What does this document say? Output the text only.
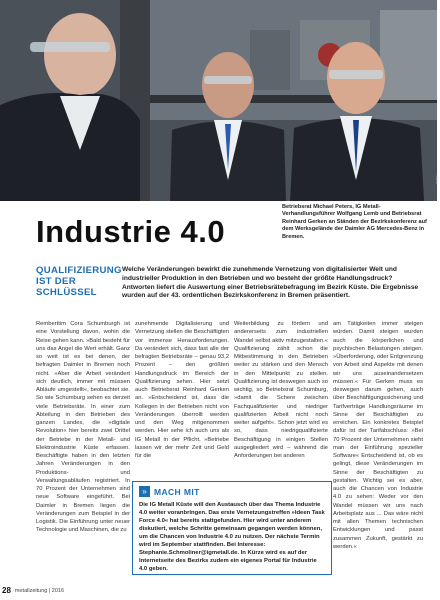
Foto: ...
Betriebsrat Michael Peters, IG Metall-Verhandlungsführer Wolfgang Lemb und Betriebsrat Reinhard Gerken an Ständen der Bezirkskonferenz auf dem Werksgelände der Daimler AG Mercedes-Benz in Bremen.
Industrie 4.0
QUALIFIZIERUNG IST DER SCHLÜSSEL
Welche Veränderungen bewirkt die zunehmende Vernetzung von digitalisierter Welt und industrieller Produktion in den Betrieben und wo besteht der größte Handlungsdruck? Antworten liefert die Auswertung einer Betriebsrätebefragung im Bezirk Küste. Die Ergebnisse wurden auf der 43. ordentlichen Bezirkskonferenz in Bremen präsentiert.
Remberttim Cora Schumburgh ist eine Vorstellung davon, wohin die Reise gehen kann. »Bald besteht für uns das Angel die Wert erhält. Ganz so weit ist es bei denen, der befragten Daimler in Bremen noch nicht. »Aber die Arbeit verändert sich deutlich, immer mit müssen Abläufe umgestellt«, beobachtet sie. So wie Schumburg sehen es derzeit viele Betriebsräte. In einer zum Abteilung in den Betrieben des ganzen Landes, die »digitale Revolution« hier bereits zwei Drittel der Betriebe in der Metall- und Elektroindustrie Küste erfassen. Beschäftigte haben in den letzten Jahren Veränderungen in den Produktions- und Verwaltungsabläufen registriert. In 70 Prozent der Unternehmen sind neue Software eingeführt. Bei Daimler in Bremen liegen die Veränderungen zum Beispiel in der Logistik. Die Einführung unter neuer Technologie und Maschinen, die zu
zunehmende Digitalisierung und Vernetzung stellen die Beschäftigten vor immense Herausforderungen. Da verändert sich, dass fast alle der befragten Betriebsräte – genau 93,2 Prozent – den größten Handlungsdruck im Bereich der Qualifizierung sehen. Hier setzt auch Betriebsrat Reinhard Gerken an. »Entscheidend ist, dass die Kollegen in der Betrieben nicht von Veränderungen überrollt werden und den Weg mitgenommen werden. Hier sehe ich auch uns als IG Metall in der Pflicht, »Betriebe lassen wir der mehr Zeit und Geld für die
Weiterbildung zu fördern und andererseits zum industriellen Wandel selbst aktiv mitzugestalten.« Qualifizierung zählt schon die Mitbestimmung in den Betrieben weiter zu stärken und den Mensch in den Mittelpunkt zu stellen. Qualifizierung ist deswegen auch so wichtig, so Betriebsrat Schumburg, »damit die Schere zwischen Fachqualifizierter und niedriger qualifizierten Arbeit nicht noch weiter aufgeht«. Schon jetzt wird es so, dass niedrigqualifizierte Beschäftigung in einigen Stellen ausgegliedert wird – während die Anforderungen bei anderen
am Tätigkeiten immer steigen würden. Damit steigen wurden auch die körperlichen und psychischen Belastungen steigen. »Überforderung, oder Entgrenzung von Arbeit sind Aspekte mit denen wir uns auseinandersetzen müssen.« Für Gerken muss es deswegen darum gehen, auch über Beschäftigungssicherung und Tarifverträge Handlungsräume im Sinne der Beschäftigten zu erreichen. Ein konkretes Beispiel dafür ist der Tarifabschluss: »Bei 70 Prozent der Unternehmen sieht man der Einführung spezieller Software« Entscheidend ist, ob es gelingt, diese Veränderungen im Sinne der Beschäftigten zu gestalten. Wichtig sei es aber, auch die Chancen von Industrie 4.0 zu sehen: Weder vor den Wandel müssen wir uns nach Arbeitsplatz aus ... Das wäre nicht mit allen Themen technischen Entwicklungen und passt zusammen Zukunft, gestärkt zu werden.«
» MACH MIT
Die IG Metall Küste will den Austausch über das Thema Industrie 4.0 weiter voranbringen. Das erste Vernetzungstreffen »Ideen Task Force 4.0« hat bereits stattgefunden. Hier wird unter anderem diskutiert, welche Schritte gemeinsam gegangen werden können, um die Chancen von Industrie 4.0 zu nutzen. Der nächste Termin wird im September stattfinden. Bei Interesse: Stephanie.Schmoliner@igmetall.de. In Kürze wird es auf der Internetseite des Bezirks zudem ein eigenes Portal für Industrie 4.0 geben.
28 metallzeitung | 2016
